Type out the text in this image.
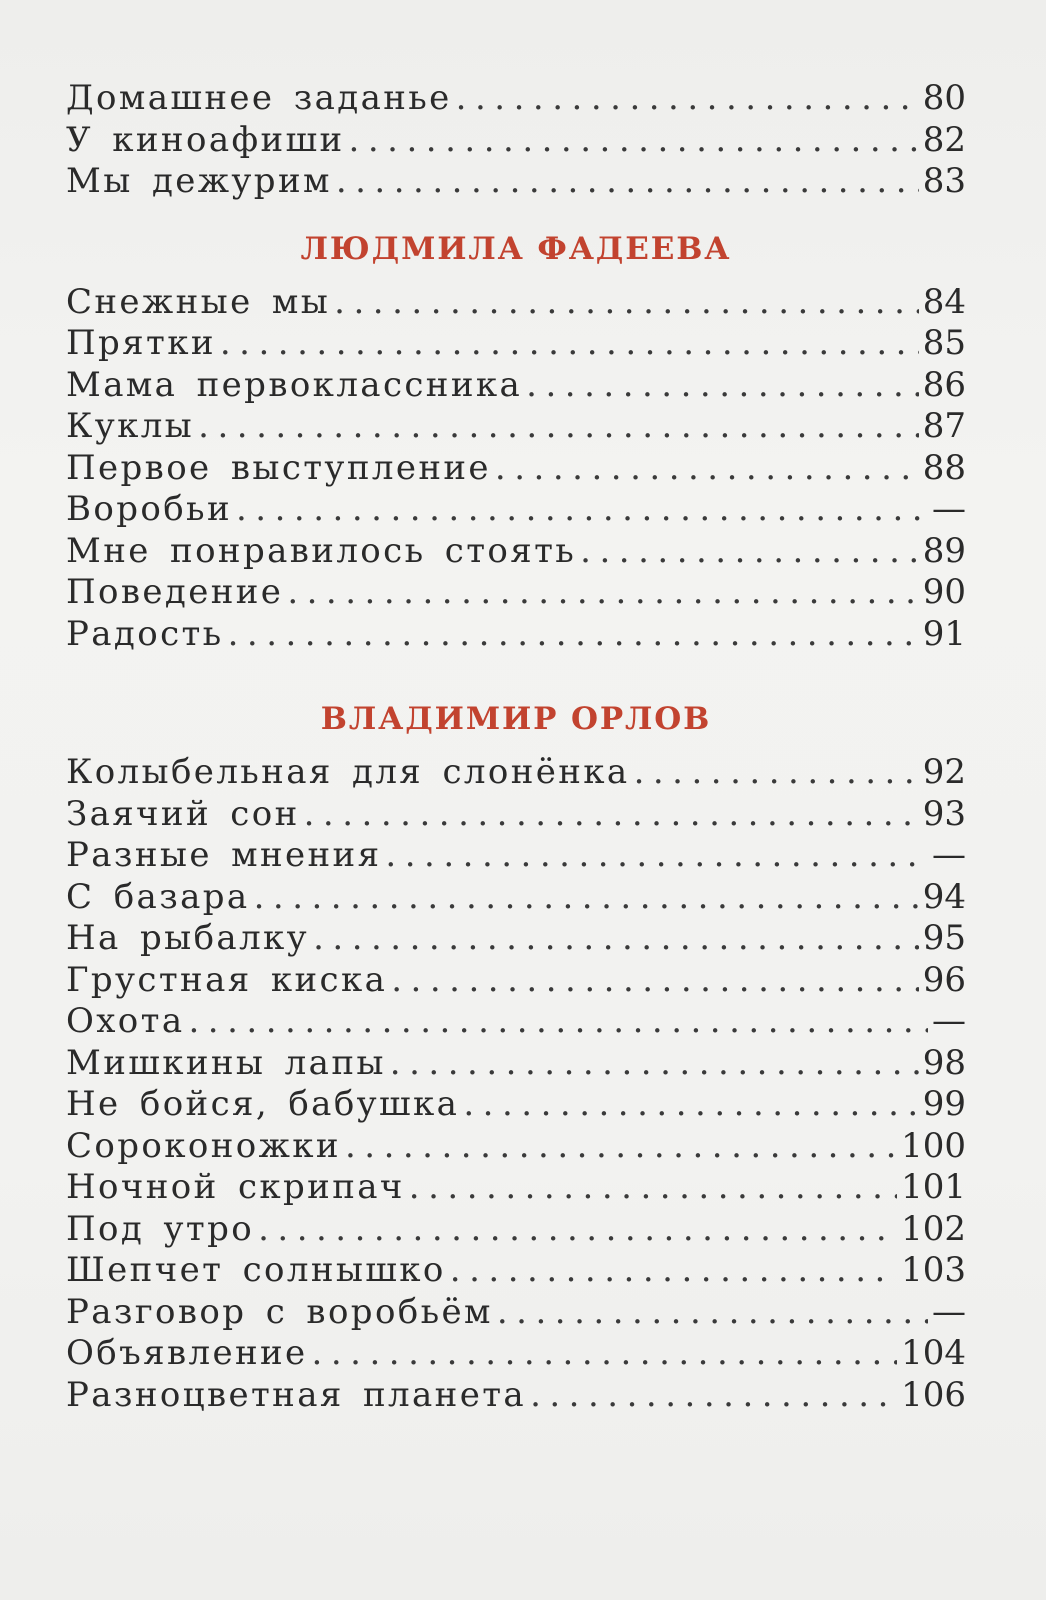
Домашнее заданье .....	80
У киноафиши .....	82
Мы дежурим .....	83
ЛЮДМИЛА ФАДЕЕВА
Снежные мы .....	84
Прятки .....	85
Мама первоклассника .....	86
Куклы .....	87
Первое выступление .....	88
Воробьи .....	—
Мне понравилось стоять .....	89
Поведение .....	90
Радость .....	91
ВЛАДИМИР ОРЛОВ
Колыбельная для слонёнка .....	92
Заячий сон .....	93
Разные мнения .....	—
С базара .....	94
На рыбалку .....	95
Грустная киска .....	96
Охота .....	—
Мишкины лапы .....	98
Не бойся, бабушка .....	99
Сороконожки .....	100
Ночной скрипач .....	101
Под утро .....	102
Шепчет солнышко .....	103
Разговор с воробьём .....	—
Объявление .....	104
Разноцветная планета .....	106
